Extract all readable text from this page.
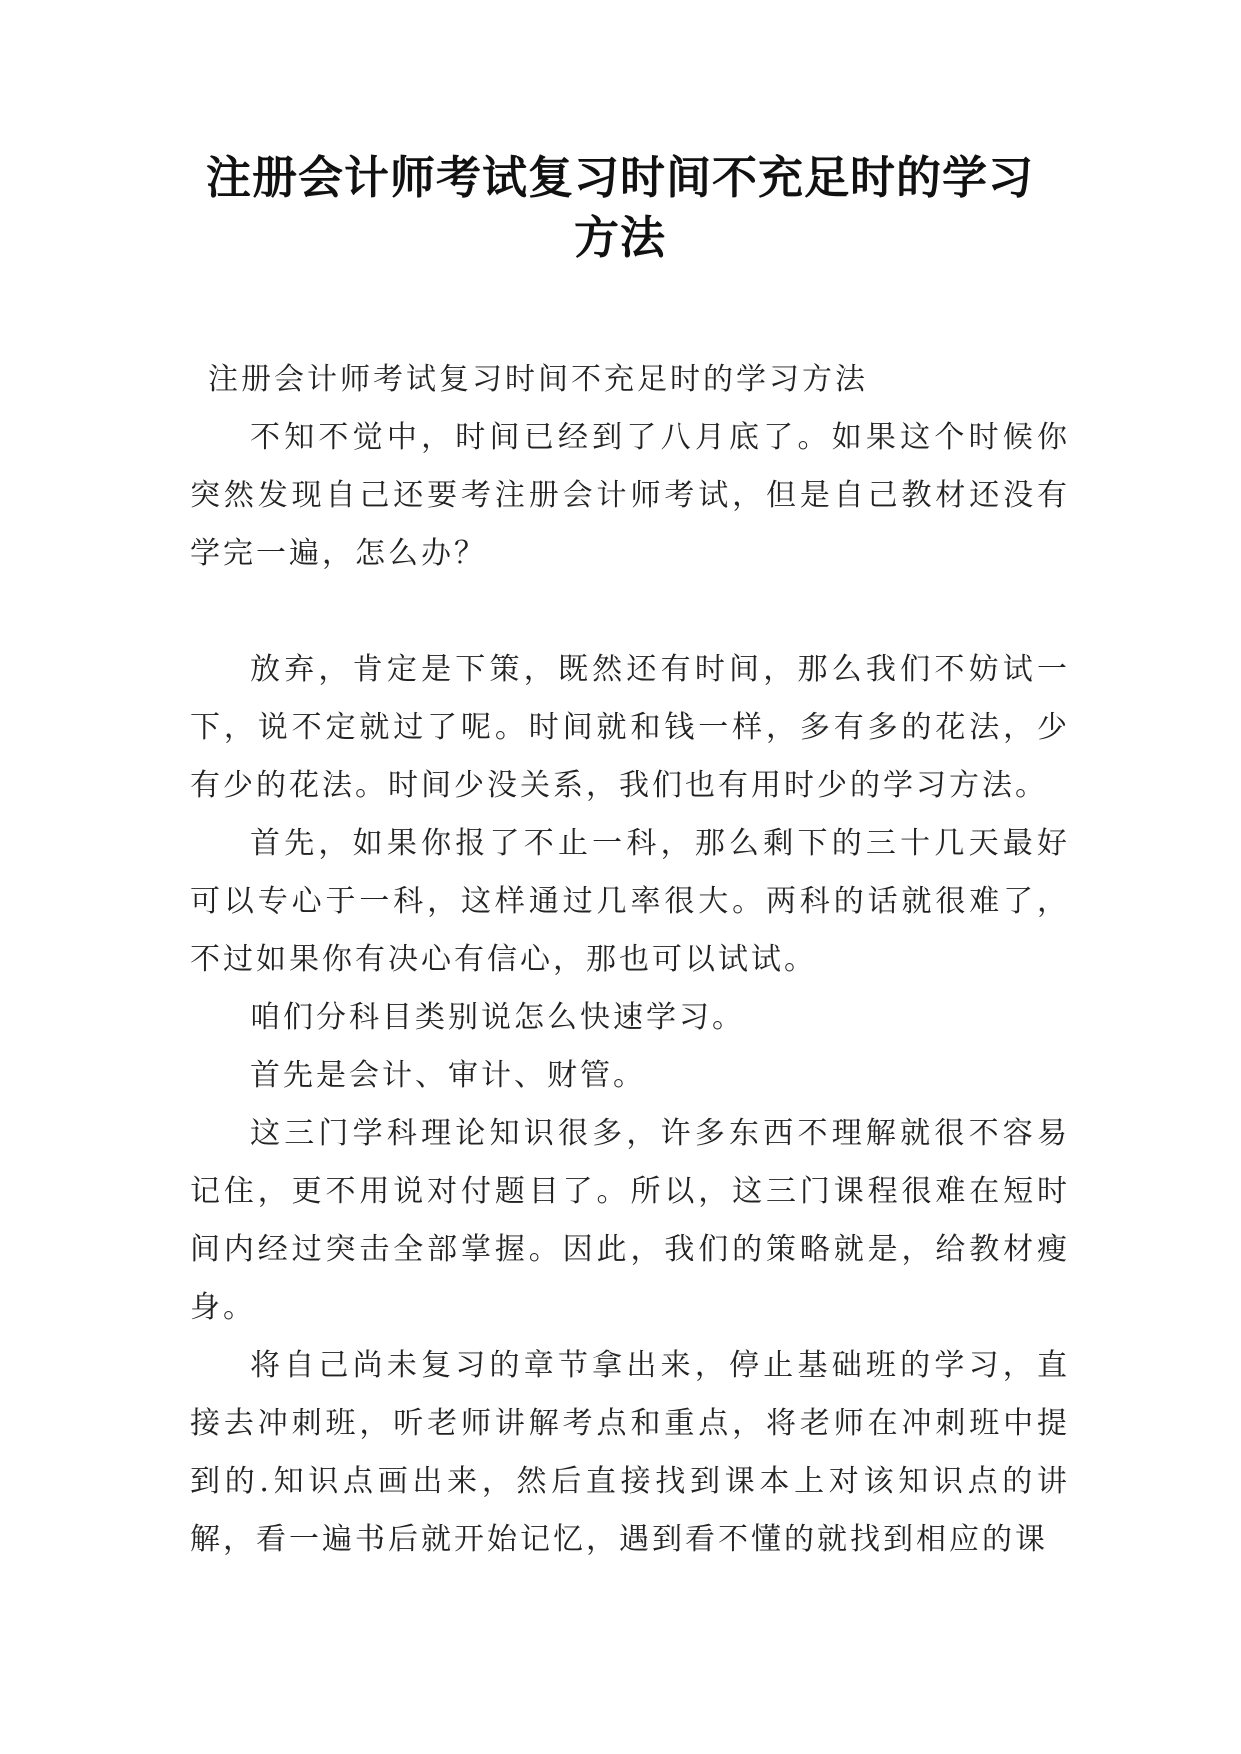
注册会计师考试复习时间不充足时的学习
方法

注册会计师考试复习时间不充足时的学习方法

不知不觉中，时间已经到了八月底了。如果这个时候你突然发现自己还要考注册会计师考试，但是自己教材还没有学完一遍，怎么办？

放弃，肯定是下策，既然还有时间，那么我们不妨试一下，说不定就过了呢。时间就和钱一样，多有多的花法，少有少的花法。时间少没关系，我们也有用时少的学习方法。

首先，如果你报了不止一科，那么剩下的三十几天最好可以专心于一科，这样通过几率很大。两科的话就很难了，不过如果你有决心有信心，那也可以试试。

咱们分科目类别说怎么快速学习。

首先是会计、审计、财管。

这三门学科理论知识很多，许多东西不理解就很不容易记住，更不用说对付题目了。所以，这三门课程很难在短时间内经过突击全部掌握。因此，我们的策略就是，给教材瘦身。

将自己尚未复习的章节拿出来，停止基础班的学习，直接去冲刺班，听老师讲解考点和重点，将老师在冲刺班中提到的.知识点画出来，然后直接找到课本上对该知识点的讲解，看一遍书后就开始记忆，遇到看不懂的就找到相应的课
